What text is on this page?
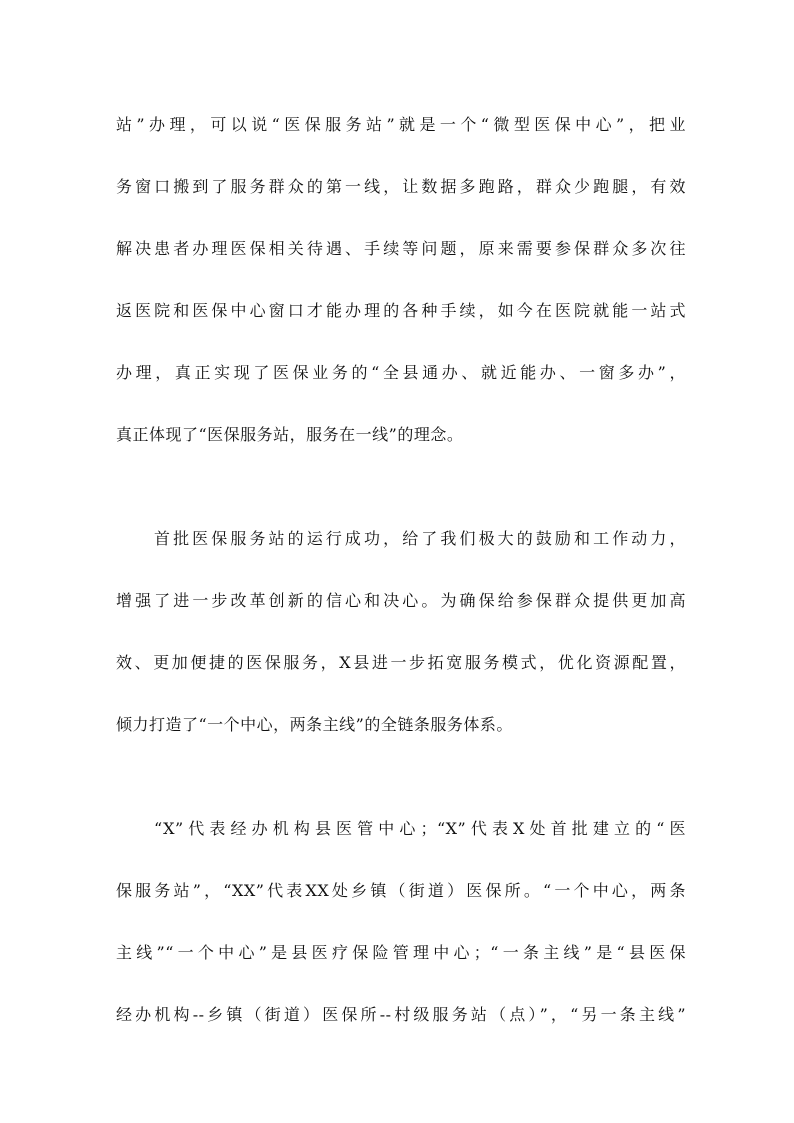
站”办理，可以说“医保服务站”就是一个“微型医保中心”，把业
务窗口搬到了服务群众的第一线，让数据多跑路，群众少跑腿，有效
解决患者办理医保相关待遇、手续等问题，原来需要参保群众多次往
返医院和医保中心窗口才能办理的各种手续，如今在医院就能一站式
办理，真正实现了医保业务的“全县通办、就近能办、一窗多办”，
真正体现了“医保服务站，服务在一线”的理念。
首批医保服务站的运行成功，给了我们极大的鼓励和工作动力，
增强了进一步改革创新的信心和决心。为确保给参保群众提供更加高
效、更加便捷的医保服务，X县进一步拓宽服务模式，优化资源配置，
倾力打造了“一个中心，两条主线”的全链条服务体系。
“X”代表经办机构县医管中心；“X”代表X处首批建立的“医
保服务站”，“XX”代表XX处乡镇（街道）医保所。“一个中心，两条
主线”“一个中心”是县医疗保险管理中心；“一条主线”是“县医保
经办机构--乡镇（街道）医保所--村级服务站（点）”，“另一条主线”
